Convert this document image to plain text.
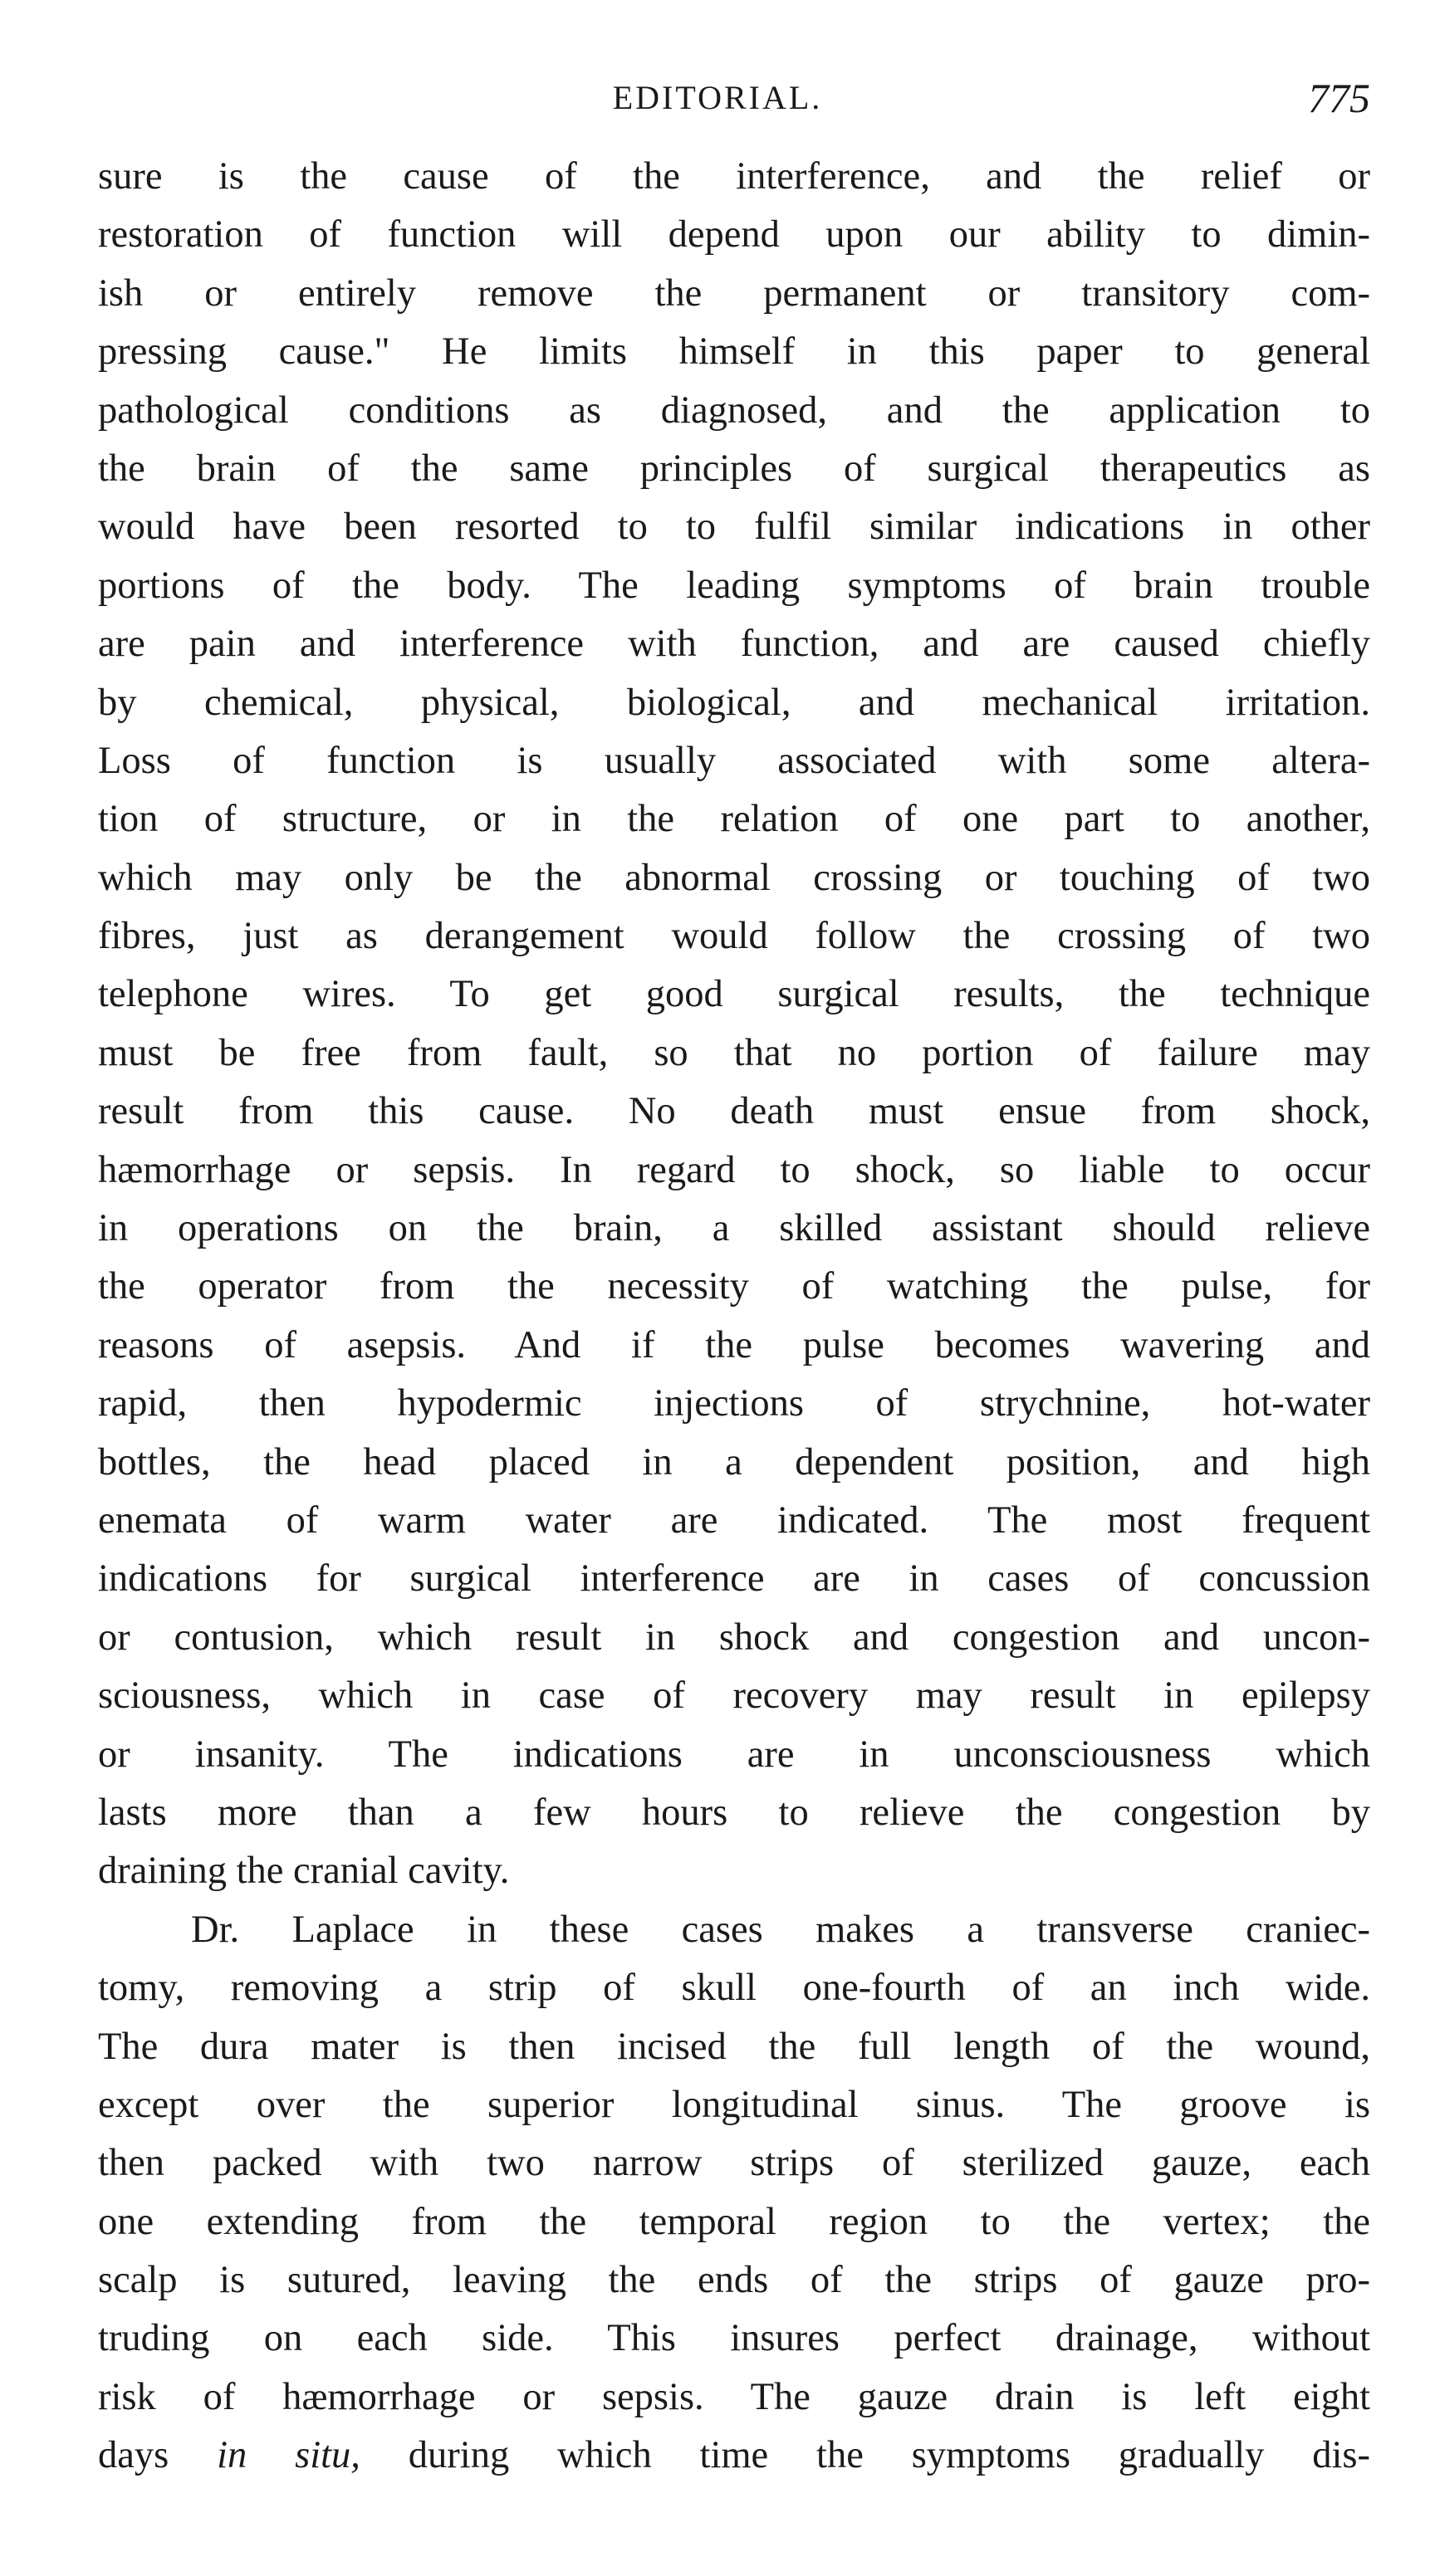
EDITORIAL.	775
sure is the cause of the interference, and the relief or
restoration of function will depend upon our ability to dimin-
ish or entirely remove the permanent or transitory com-
pressing cause." He limits himself in this paper to general
pathological conditions as diagnosed, and the application to
the brain of the same principles of surgical therapeutics as
would have been resorted to to fulfil similar indications in other
portions of the body. The leading symptoms of brain trouble
are pain and interference with function, and are caused chiefly
by chemical, physical, biological, and mechanical irritation.
Loss of function is usually associated with some altera-
tion of structure, or in the relation of one part to another,
which may only be the abnormal crossing or touching of two
fibres, just as derangement would follow the crossing of two
telephone wires. To get good surgical results, the technique
must be free from fault, so that no portion of failure may
result from this cause. No death must ensue from shock,
hæmorrhage or sepsis. In regard to shock, so liable to occur
in operations on the brain, a skilled assistant should relieve
the operator from the necessity of watching the pulse, for
reasons of asepsis. And if the pulse becomes wavering and
rapid, then hypodermic injections of strychnine, hot-water
bottles, the head placed in a dependent position, and high
enemata of warm water are indicated. The most frequent
indications for surgical interference are in cases of concussion
or contusion, which result in shock and congestion and uncon-
sciousness, which in case of recovery may result in epilepsy
or insanity. The indications are in unconsciousness which
lasts more than a few hours to relieve the congestion by
draining the cranial cavity.
Dr. Laplace in these cases makes a transverse craniec-
tomy, removing a strip of skull one-fourth of an inch wide.
The dura mater is then incised the full length of the wound,
except over the superior longitudinal sinus. The groove is
then packed with two narrow strips of sterilized gauze, each
one extending from the temporal region to the vertex; the
scalp is sutured, leaving the ends of the strips of gauze pro-
truding on each side. This insures perfect drainage, without
risk of hæmorrhage or sepsis. The gauze drain is left eight
days in situ, during which time the symptoms gradually dis-
